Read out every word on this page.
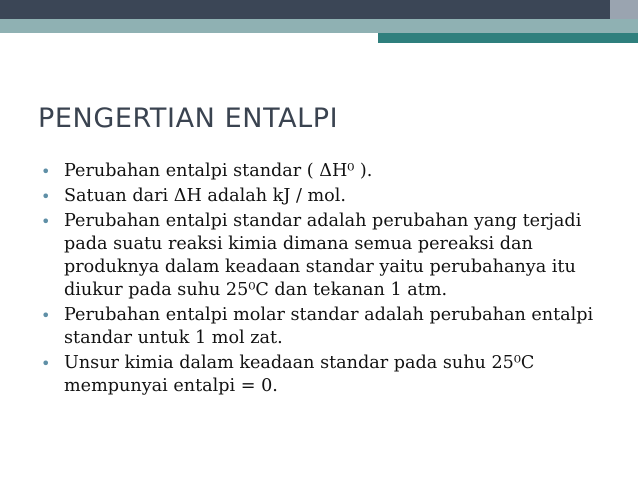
PENGERTIAN ENTALPI
• Perubahan entalpi standar ( ΔH⁰ ).
• Satuan dari ΔH adalah kJ / mol.
• Perubahan entalpi standar adalah perubahan yang terjadi pada suatu reaksi kimia dimana semua pereaksi dan produknya dalam keadaan standar yaitu perubahanya itu diukur pada suhu 25⁰C dan tekanan 1 atm.
• Perubahan entalpi molar standar adalah perubahan entalpi standar untuk 1 mol zat.
• Unsur kimia dalam keadaan standar pada suhu 25⁰C mempunyai entalpi = 0.
